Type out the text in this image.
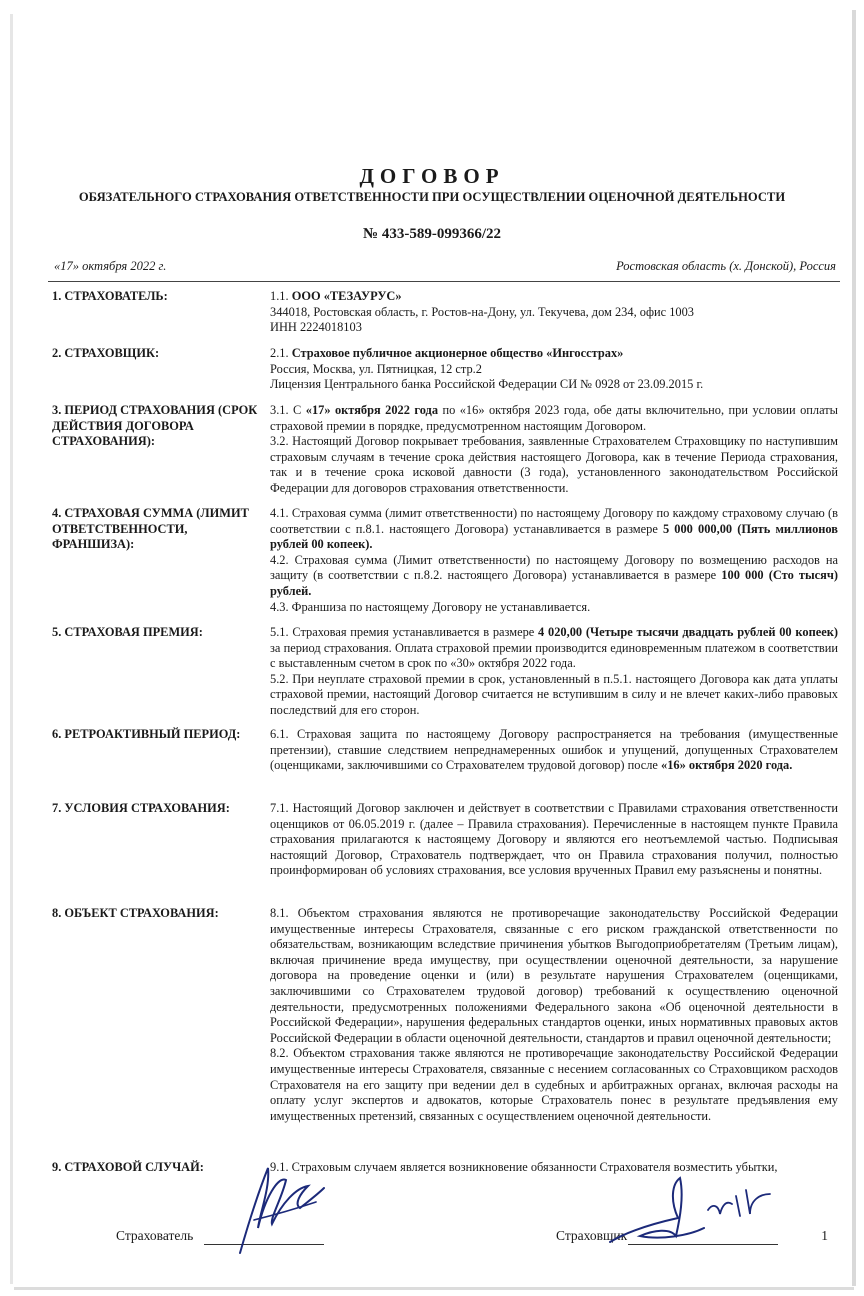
ДОГОВОР
ОБЯЗАТЕЛЬНОГО СТРАХОВАНИЯ ОТВЕТСТВЕННОСТИ ПРИ ОСУЩЕСТВЛЕНИИ ОЦЕНОЧНОЙ ДЕЯТЕЛЬНОСТИ
№ 433-589-099366/22
«17» октября 2022 г.	Ростовская область (х. Донской), Россия
1. СТРАХОВАТЕЛЬ:	1.1. ООО «ТЕЗАУРУС»

344018, Ростовская область, г. Ростов-на-Дону, ул. Текучева, дом 234, офис 1003

ИНН 2224018103

2. СТРАХОВЩИК:	2.1. Страховое публичное акционерное общество «Ингосстрах»

Россия, Москва, ул. Пятницкая, 12 стр.2

Лицензия Центрального банка Российской Федерации СИ № 0928 от 23.09.2015 г.

3. ПЕРИОД СТРАХОВАНИЯ (СРОК ДЕЙСТВИЯ ДОГОВОРА СТРАХОВАНИЯ):

3.1. С «17» октября 2022 года по «16» октября 2023 года, обе даты включительно, при условии оплаты страховой премии в порядке, предусмотренном настоящим Договором.

3.2. Настоящий Договор покрывает требования, заявленные Страхователем Страховщику по наступившим страховым случаям в течение срока действия настоящего Договора, как в течение Периода страхования, так и в течение срока исковой давности (3 года), установленного законодательством Российской Федерации для договоров страхования ответственности.

4. СТРАХОВАЯ СУММА (ЛИМИТ ОТВЕТСТВЕННОСТИ, ФРАНШИЗА):

4.1. Страховая сумма (лимит ответственности) по настоящему Договору по каждому страховому случаю (в соответствии с п.8.1. настоящего Договора) устанавливается в размере 5 000 000,00 (Пять миллионов рублей 00 копеек).

4.2. Страховая сумма (Лимит ответственности) по настоящему Договору по возмещению расходов на защиту (в соответствии с п.8.2. настоящего Договора) устанавливается в размере 100 000 (Сто тысяч) рублей.

4.3. Франшиза по настоящему Договору не устанавливается.

5. СТРАХОВАЯ ПРЕМИЯ:	5.1. Страховая премия устанавливается в размере 4 020,00 (Четыре тысячи двадцать рублей 00 копеек) за период страхования. Оплата страховой премии производится единовременным платежом в соответствии с выставленным счетом в срок по «30» октября 2022 года.

5.2. При неуплате страховой премии в срок, установленный в п.5.1. настоящего Договора как дата уплаты страховой премии, настоящий Договор считается не вступившим в силу и не влечет каких-либо правовых последствий для его сторон.

6. РЕТРОАКТИВНЫЙ ПЕРИОД:	6.1. Страховая защита по настоящему Договору распространяется на требования (имущественные претензии), ставшие следствием непреднамеренных ошибок и упущений, допущенных Страхователем (оценщиками, заключившими со Страхователем трудовой договор) после «16» октября 2020 года.

7. УСЛОВИЯ СТРАХОВАНИЯ:	7.1. Настоящий Договор заключен и действует в соответствии с Правилами страхования ответственности оценщиков от 06.05.2019 г. (далее – Правила страхования). Перечисленные в настоящем пункте Правила страхования прилагаются к настоящему Договору и являются его неотъемлемой частью. Подписывая настоящий Договор, Страхователь подтверждает, что он Правила страхования получил, полностью проинформирован об условиях страхования, все условия врученных Правил ему разъяснены и понятны.

8. ОБЪЕКТ СТРАХОВАНИЯ:	8.1. Объектом страхования являются не противоречащие законодательству Российской Федерации имущественные интересы Страхователя, связанные с его риском гражданской ответственности по обязательствам, возникающим вследствие причинения убытков Выгодоприобретателям (Третьим лицам), включая причинение вреда имуществу, при осуществлении оценочной деятельности, за нарушение договора на проведение оценки и (или) в результате нарушения Страхователем (оценщиками, заключившими со Страхователем трудовой договор) требований к осуществлению оценочной деятельности, предусмотренных положениями Федерального закона «Об оценочной деятельности в Российской Федерации», нарушения федеральных стандартов оценки, иных нормативных правовых актов Российской Федерации в области оценочной деятельности, стандартов и правил оценочной деятельности;

8.2. Объектом страхования также являются не противоречащие законодательству Российской Федерации имущественные интересы Страхователя, связанные с несением согласованных со Страховщиком расходов Страхователя на его защиту при ведении дел в судебных и арбитражных органах, включая расходы на оплату услуг экспертов и адвокатов, которые Страхователь понес в результате предъявления ему имущественных претензий, связанных с осуществлением оценочной деятельности.

9. СТРАХОВОЙ СЛУЧАЙ:	9.1. Страховым случаем является возникновение обязанности Страхователя возместить убытки,

Страхователь	Страховщик	1
